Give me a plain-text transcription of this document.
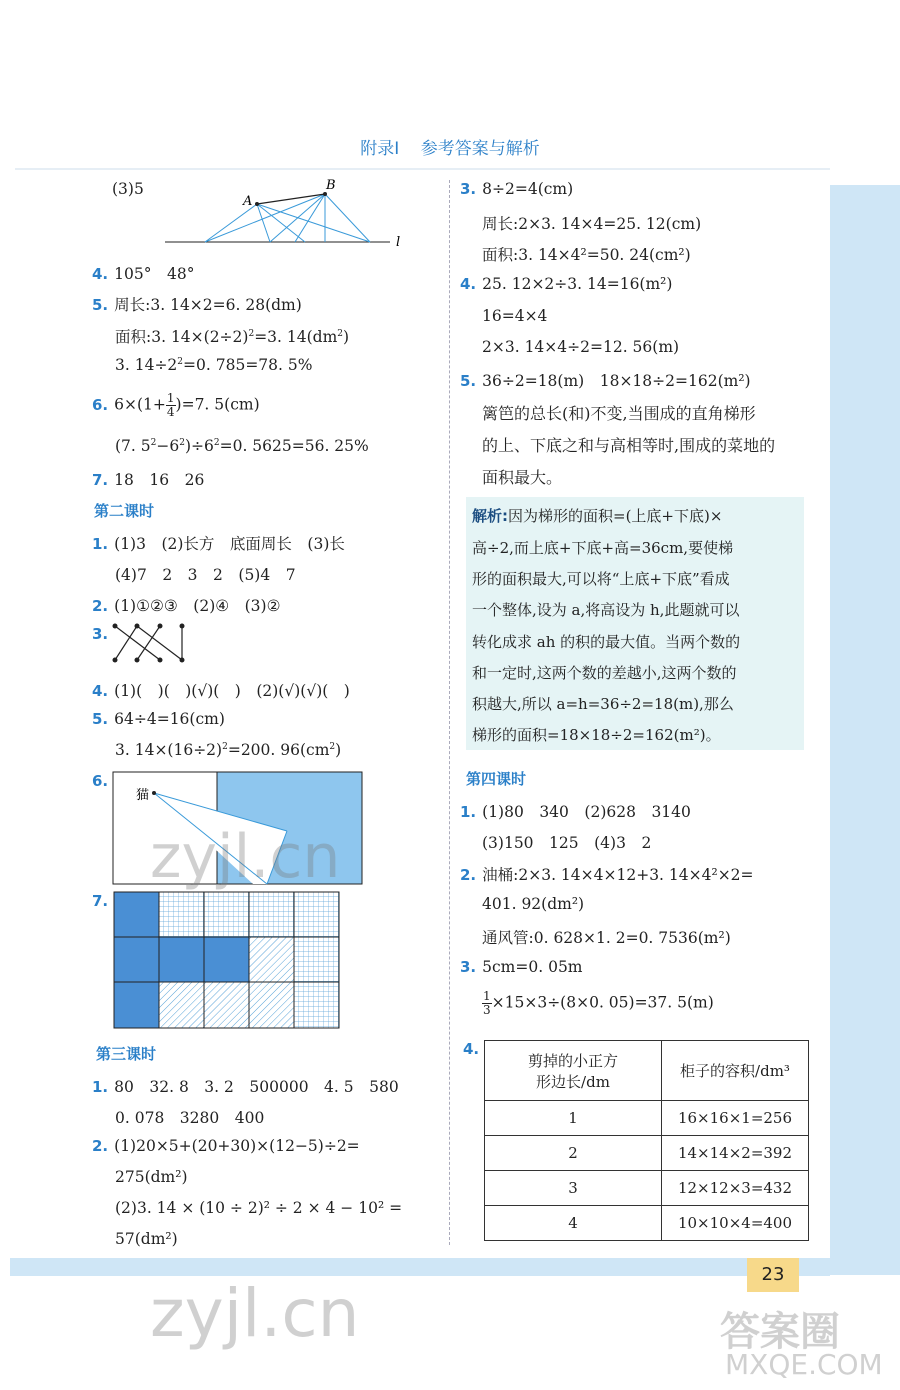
附录Ⅰ 参考答案与解析
(3)5
A
B
l
4. 105°　48°
5. 周长:3. 14×2=6. 28(dm)
面积:3. $14\times(2\div 2)^2=3$. $14(dm^2)$
3. $14\div 2^2=0$. 785=78. 5%
6. $6\times(1+ \frac{1}{4} )=7$. 5(cm)
(7. $5^2-6^2)\div 6^2=0$. 5625=56. 25%
7. 18　16　26
第二课时
1. (1)3　(2)长方　底面周长　(3)长
(4)7　2　3　2　(5)4　7
2. (1)①②③　(2)④　(3)②
3.
4. (1)(　)(　)(√)(　)　(2)(√)(√)(　)
5. 64÷4=16(cm)
3. $14\times(16\div 2)^2=200$. $96(cm^2)$
6.
猫
7.
第三课时
1. 80　32. 8　3. 2　500000　4. 5　580
0. 078　3280　400
2. (1)20×5+(20+30)×(12−5)÷2=
275(dm²)
(2)3. 14 × (10 ÷ 2)² ÷ 2 × 4 − 10² =
57(dm²)
3. 8÷2=4(cm)
周长:2×3. 14×4=25. 12(cm)
面积:3. 14×4²=50. 24(cm²)
4. 25. 12×2÷3. 14=16(m²)
16=4×4
2×3. 14×4÷2=12. 56(m)
5. 36÷2=18(m)　18×18÷2=162(m²)
篱笆的总长(和)不变,当围成的直角梯形
的上、下底之和与高相等时,围成的菜地的
面积最大。
解析:因为梯形的面积=(上底+下底)×
高÷2,而上底+下底+高=36cm,要使梯
形的面积最大,可以将“上底+下底”看成
一个整体,设为 a,将高设为 h,此题就可以
转化成求 ah 的积的最大值。当两个数的
和一定时,这两个数的差越小,这两个数的
积越大,所以 a=h=36÷2=18(m),那么
梯形的面积=18×18÷2=162(m²)。
第四课时
1. (1)80　340　(2)628　3140
(3)150　125　(4)3　2
2. 油桶:2×3. 14×4×12+3. 14×4²×2=
401. 92(dm²)
通风管:0. 628×1. 2=0. 7536(m²)
3. 5cm=0. 05m
$\frac{1}{3} \times 15\times 3\div(8\times 0$. 05)=37. 5(m)
4.
剪掉的小正方
形边长/dm	柜子的容积/dm³
1	16×16×1=256
2	14×14×2=392
3	12×12×3=432
4	10×10×4=400
23
zyjl.cn
zyjl.cn	答案圈
MXQE.COM
